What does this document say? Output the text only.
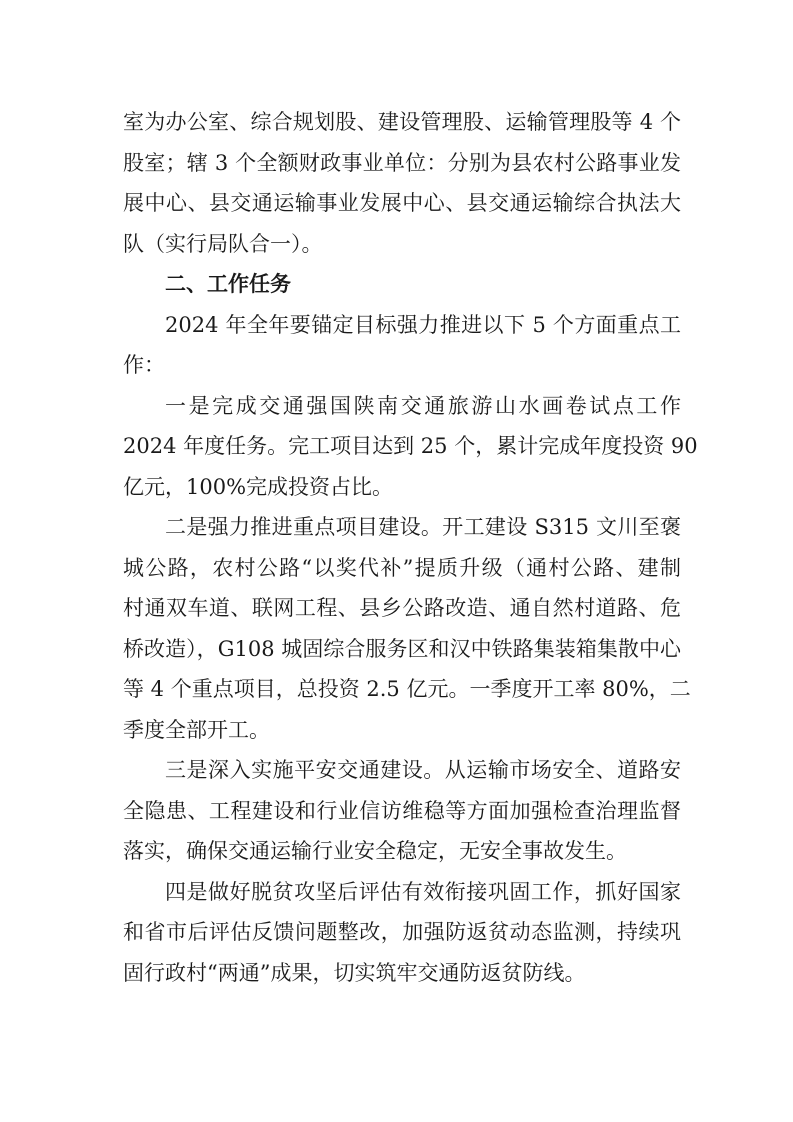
室为办公室、综合规划股、建设管理股、运输管理股等 4 个
股室；辖 3 个全额财政事业单位：分别为县农村公路事业发
展中心、县交通运输事业发展中心、县交通运输综合执法大
队（实行局队合一）。

二、工作任务

2024 年全年要锚定目标强力推进以下 5 个方面重点工
作：

一是完成交通强国陕南交通旅游山水画卷试点工作
2024 年度任务。完工项目达到 25 个，累计完成年度投资 90
亿元，100%完成投资占比。

二是强力推进重点项目建设。开工建设 S315 文川至褒
城公路，农村公路“以奖代补”提质升级（通村公路、建制
村通双车道、联网工程、县乡公路改造、通自然村道路、危
桥改造），G108 城固综合服务区和汉中铁路集装箱集散中心
等 4 个重点项目，总投资 2.5 亿元。一季度开工率 80%，二
季度全部开工。

三是深入实施平安交通建设。从运输市场安全、道路安
全隐患、工程建设和行业信访维稳等方面加强检查治理监督
落实，确保交通运输行业安全稳定，无安全事故发生。

四是做好脱贫攻坚后评估有效衔接巩固工作，抓好国家
和省市后评估反馈问题整改，加强防返贫动态监测，持续巩
固行政村“两通”成果，切实筑牢交通防返贫防线。
